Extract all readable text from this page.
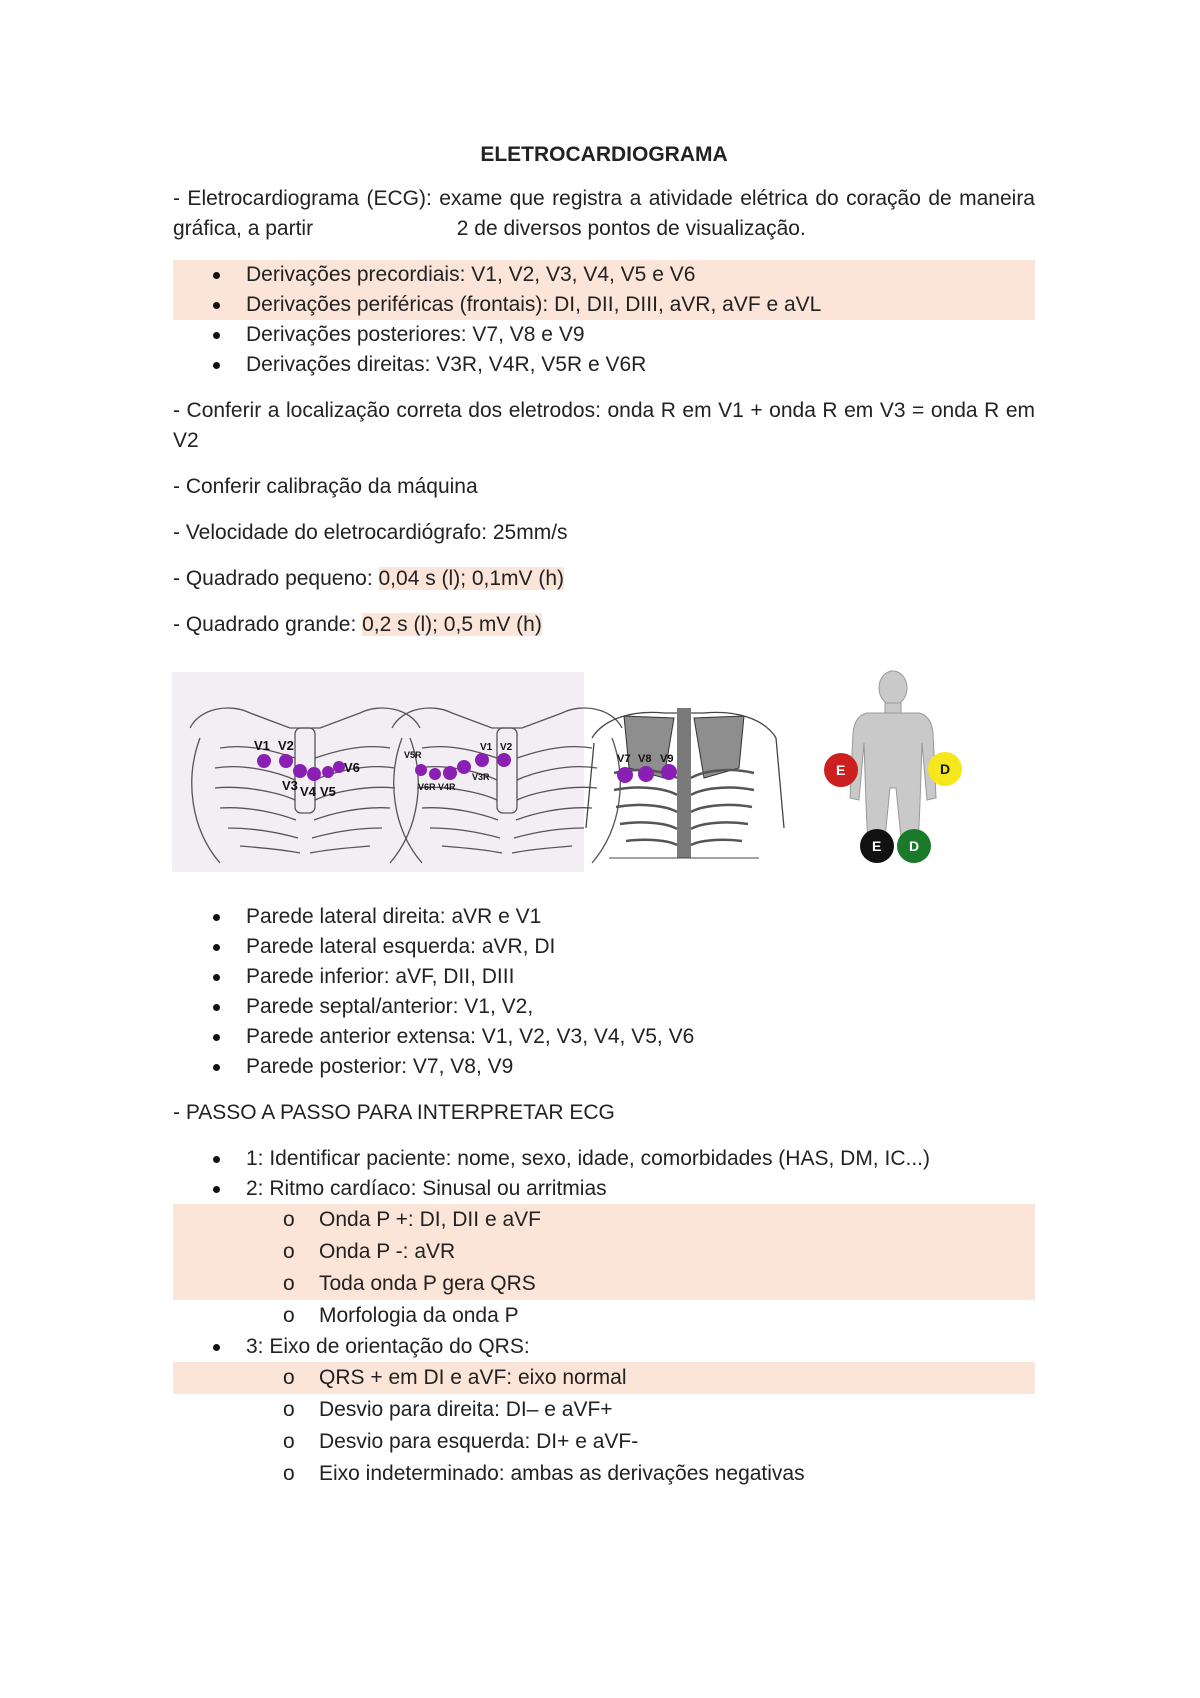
ELETROCARDIOGRAMA
- Eletrocardiograma (ECG): exame que registra a atividade elétrica do coração de maneira gráfica, a partir	2 de diversos pontos de visualização.
Derivações precordiais: V1, V2, V3, V4, V5 e V6
Derivações periféricas (frontais): DI, DII, DIII, aVR, aVF e aVL
Derivações posteriores: V7, V8 e V9
Derivações direitas: V3R, V4R, V5R e V6R
- Conferir a localização correta dos eletrodos: onda R em V1 + onda R em V3 = onda R em V2
- Conferir calibração da máquina
- Velocidade do eletrocardiógrafo: 25mm/s
- Quadrado pequeno: 0,04 s (l); 0,1mV (h)
- Quadrado grande: 0,2 s (l); 0,5 mV (h)
V1 V2
V3 V4 V5
V6
V5R
V1 V2
V6R V4R
V3R
V7 V8 V9
E	D
E D
Parede lateral direita: aVR e V1
Parede lateral esquerda: aVR, DI
Parede inferior: aVF, DII, DIII
Parede septal/anterior: V1, V2,
Parede anterior extensa: V1, V2, V3, V4, V5, V6
Parede posterior: V7, V8, V9
- PASSO A PASSO PARA INTERPRETAR ECG
1: Identificar paciente: nome, sexo, idade, comorbidades (HAS, DM, IC...)
2: Ritmo cardíaco: Sinusal ou arritmias
o Onda P +: DI, DII e aVF
o Onda P -: aVR
o Toda onda P gera QRS
o Morfologia da onda P
3: Eixo de orientação do QRS:
o QRS + em DI e aVF: eixo normal
o Desvio para direita: DI– e aVF+
o Desvio para esquerda: DI+ e aVF-
o Eixo indeterminado: ambas as derivações negativas
